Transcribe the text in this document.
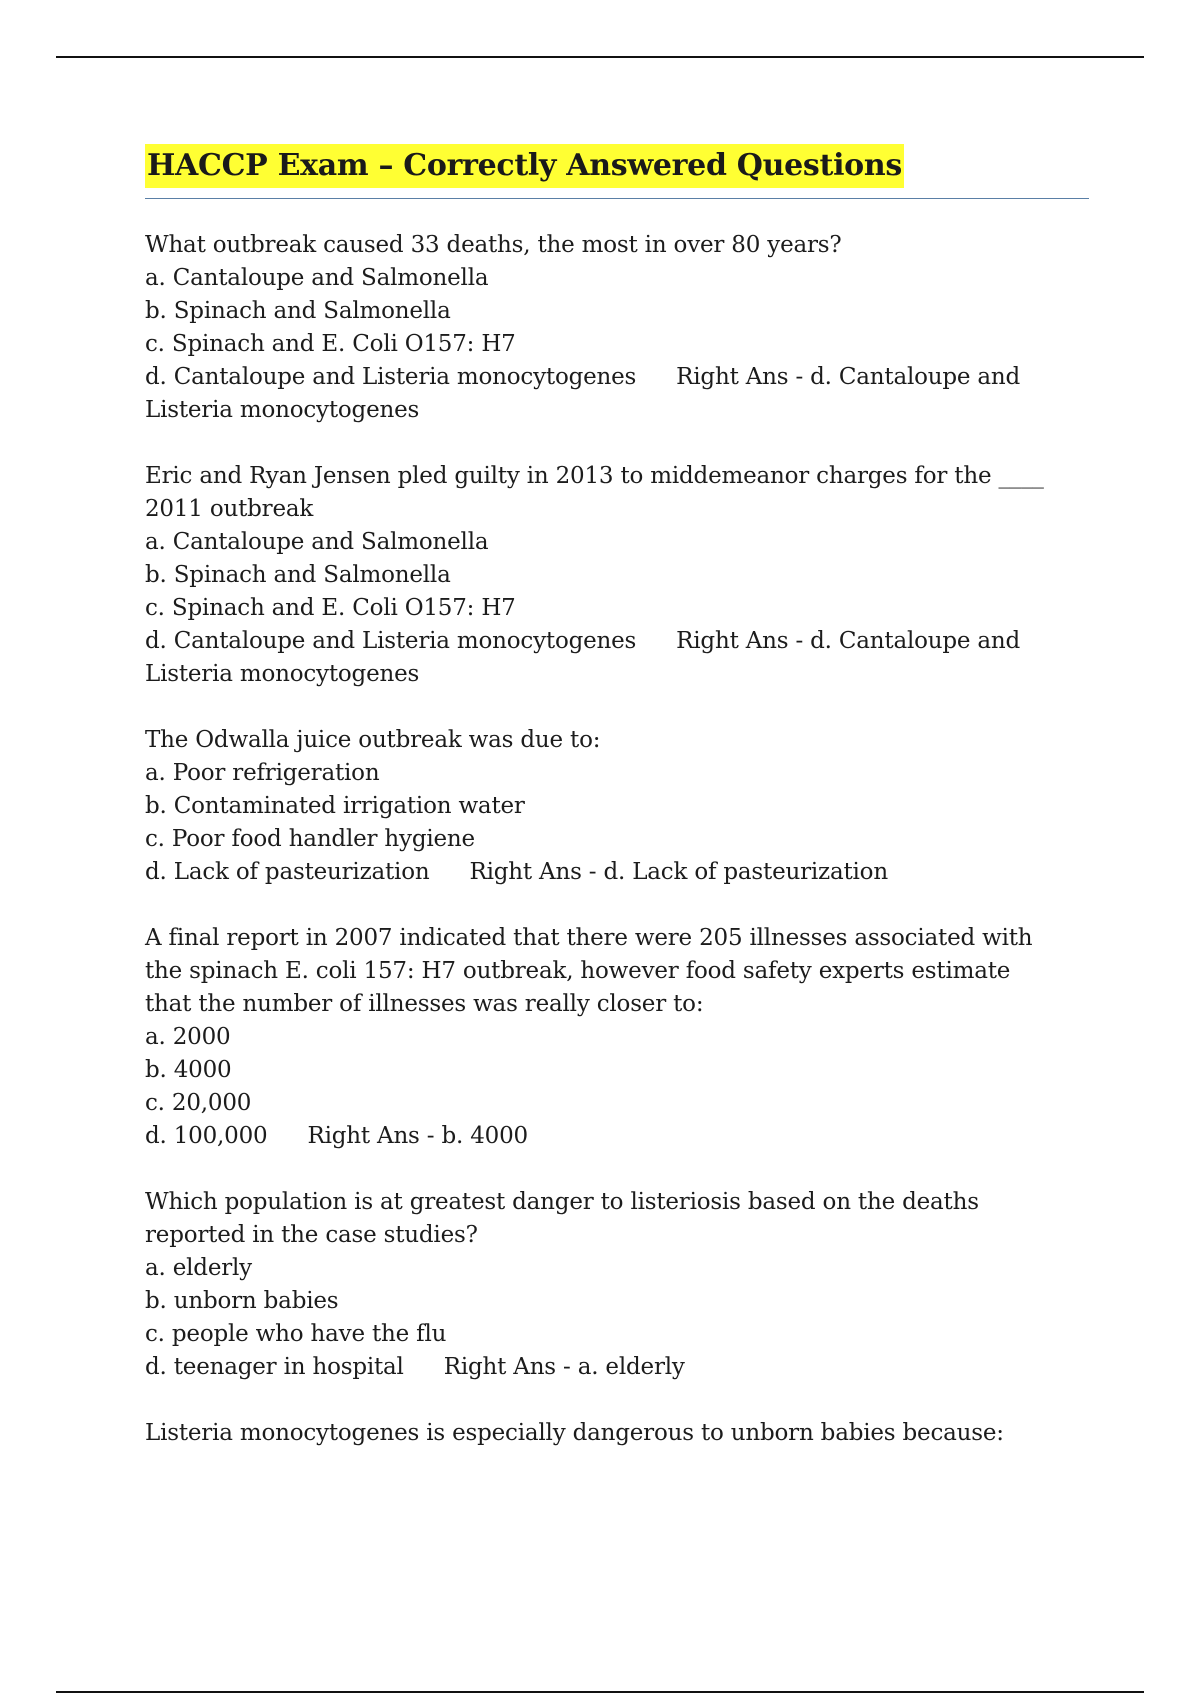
HACCP Exam – Correctly Answered Questions
What outbreak caused 33 deaths, the most in over 80 years?
a. Cantaloupe and Salmonella
b. Spinach and Salmonella
c. Spinach and E. Coli O157: H7
d. Cantaloupe and Listeria monocytogenes Right Ans - d. Cantaloupe and
Listeria monocytogenes
Eric and Ryan Jensen pled guilty in 2013 to middemeanor charges for the ____
2011 outbreak
a. Cantaloupe and Salmonella
b. Spinach and Salmonella
c. Spinach and E. Coli O157: H7
d. Cantaloupe and Listeria monocytogenes Right Ans - d. Cantaloupe and
Listeria monocytogenes
The Odwalla juice outbreak was due to:
a. Poor refrigeration
b. Contaminated irrigation water
c. Poor food handler hygiene
d. Lack of pasteurization Right Ans - d. Lack of pasteurization
A final report in 2007 indicated that there were 205 illnesses associated with
the spinach E. coli 157: H7 outbreak, however food safety experts estimate
that the number of illnesses was really closer to:
a. 2000
b. 4000
c. 20,000
d. 100,000 Right Ans - b. 4000
Which population is at greatest danger to listeriosis based on the deaths
reported in the case studies?
a. elderly
b. unborn babies
c. people who have the flu
d. teenager in hospital Right Ans - a. elderly
Listeria monocytogenes is especially dangerous to unborn babies because:
